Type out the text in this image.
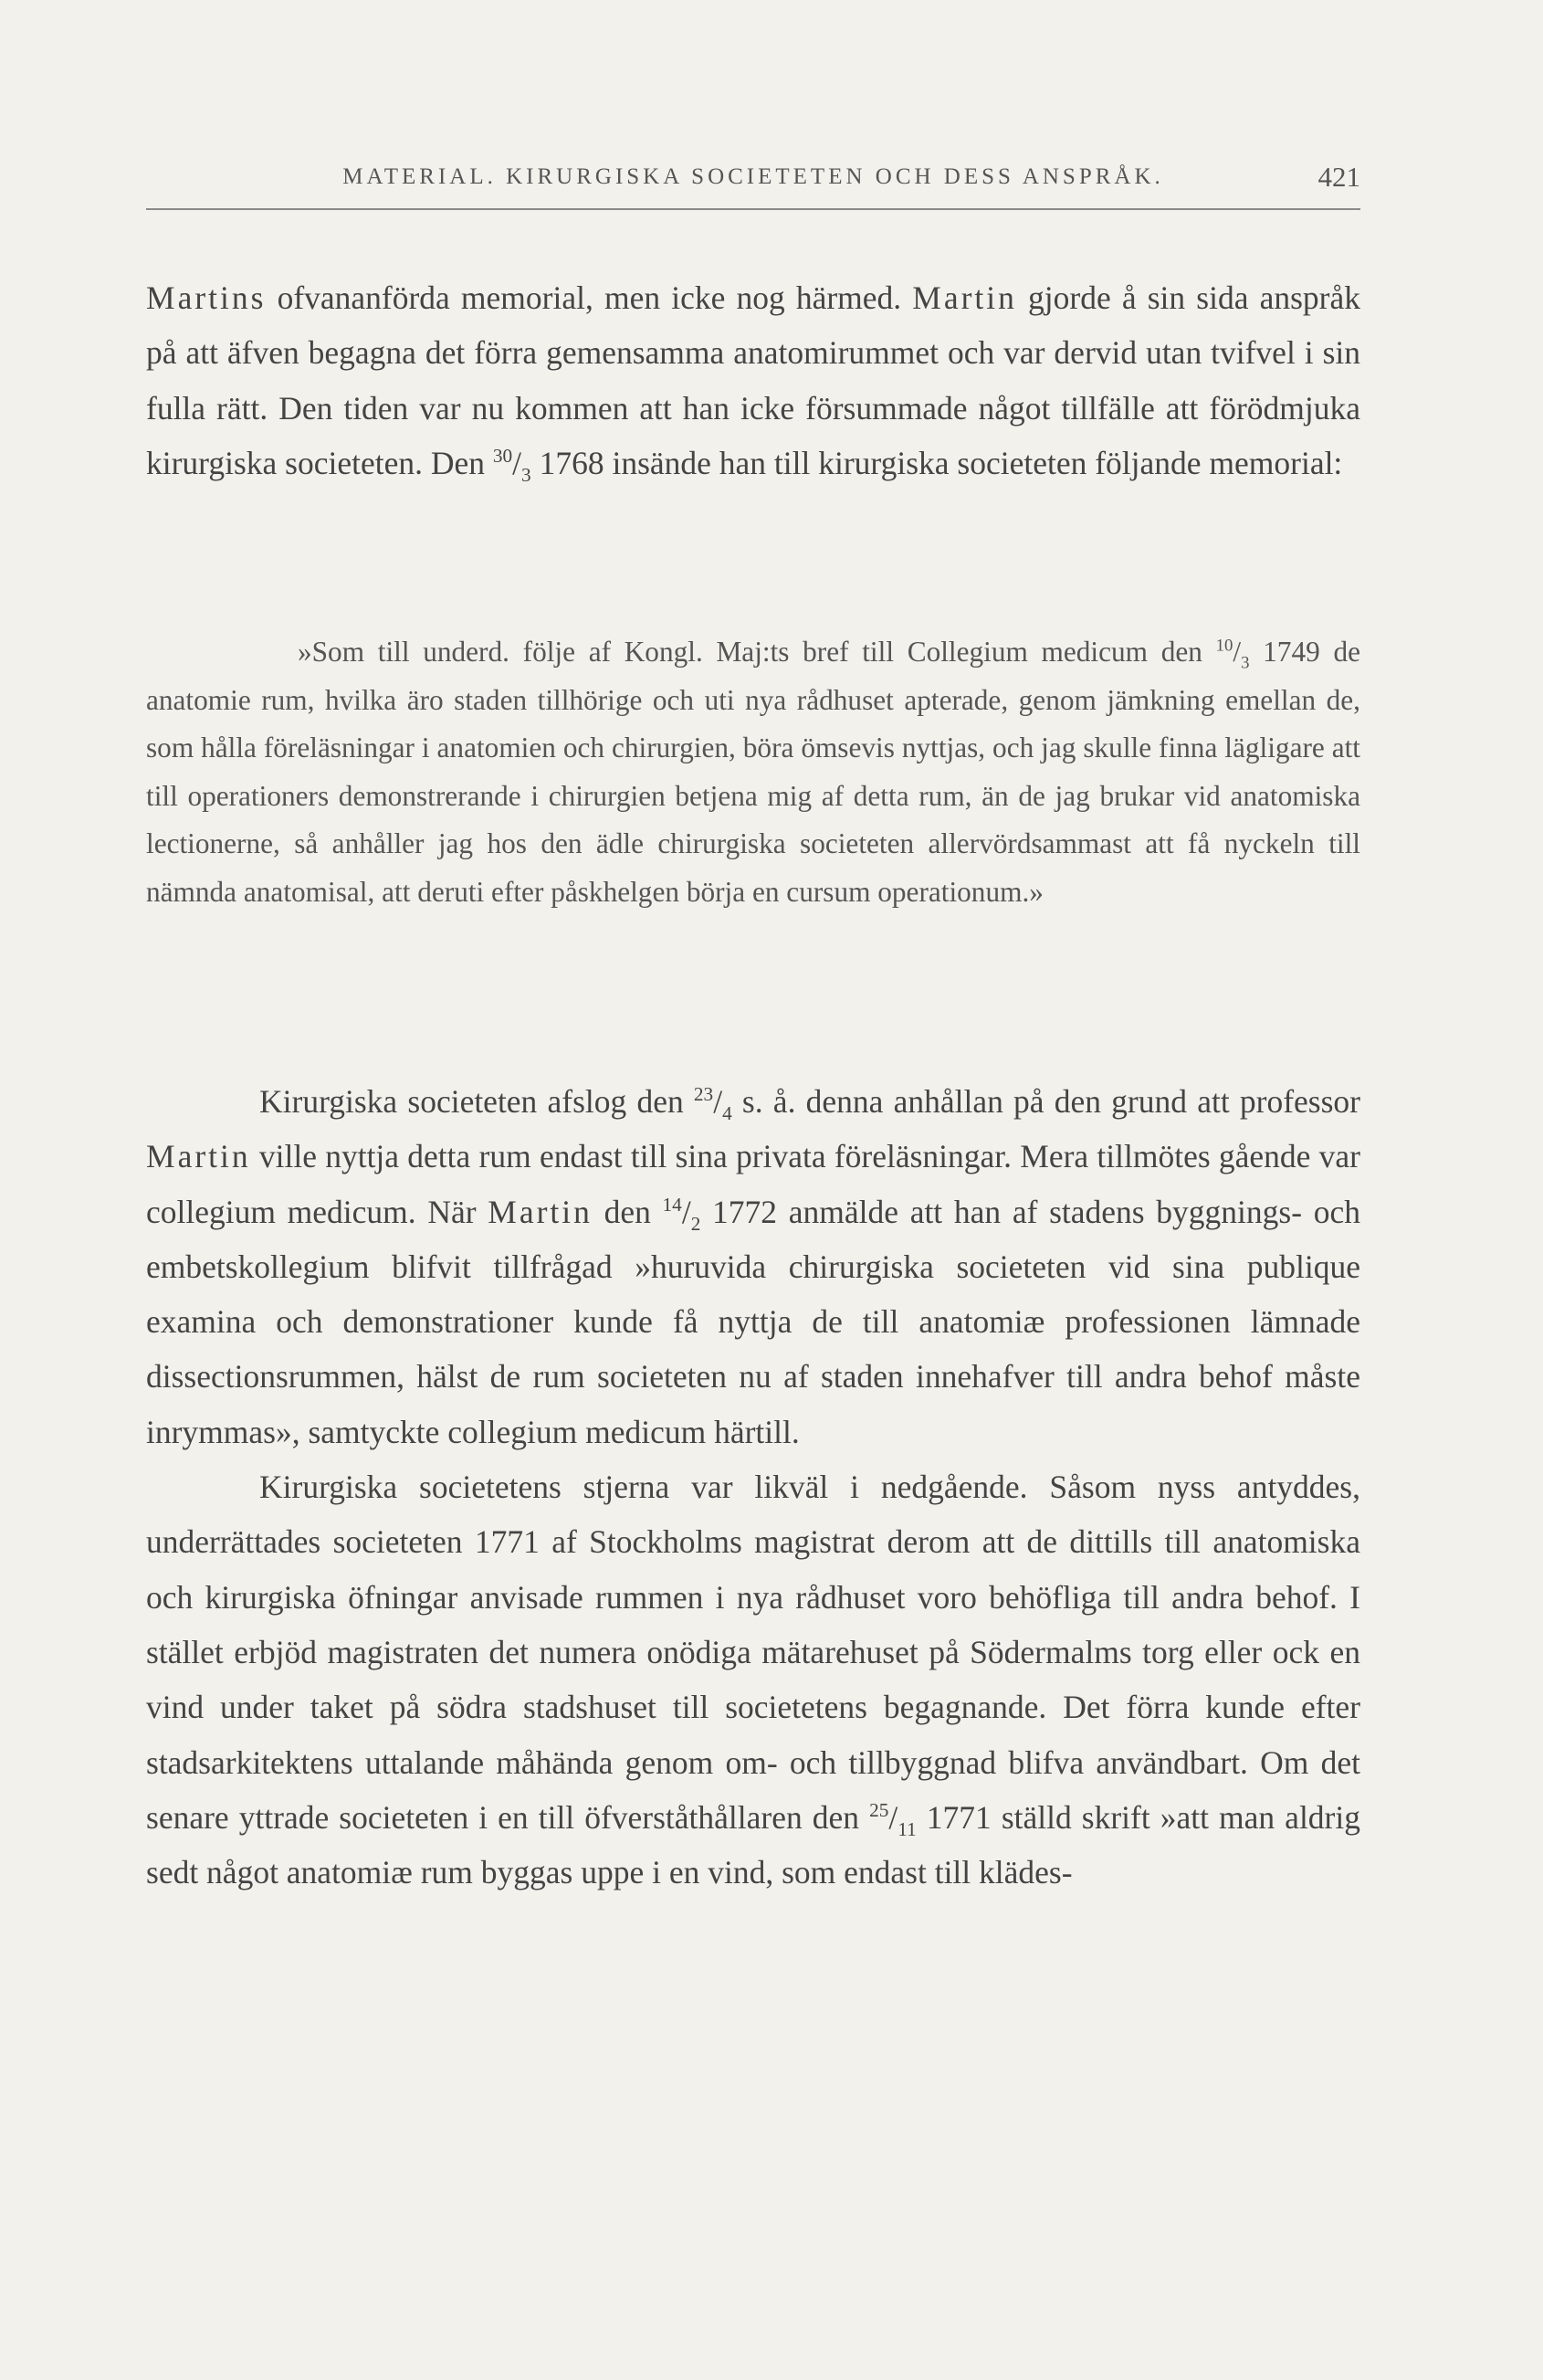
MATERIAL. KIRURGISKA SOCIETETEN OCH DESS ANSPRÅK.	421

Martins ofvananförda memorial, men icke nog härmed. Martin gjorde å sin sida anspråk på att äfven begagna det förra gemensamma anatomirummet och var dervid utan tvifvel i sin fulla rätt. Den tiden var nu kommen att han icke försummade något tillfälle att förödmjuka kirurgiska societeten. Den $^{30}/_3$ 1768 insände han till kirurgiska societeten följande memorial:

»Som till underd. följe af Kongl. Maj:ts bref till Collegium medicum den $^{10}/_3$ 1749 de anatomie rum, hvilka äro staden tillhörige och uti nya rådhuset apterade, genom jämkning emellan de, som hålla föreläsningar i anatomien och chirurgien, böra ömsevis nyttjas, och jag skulle finna lägligare att till operationers demonstrerande i chirurgien betjena mig af detta rum, än de jag brukar vid anatomiska lectionerne, så anhåller jag hos den ädle chirurgiska societeten allervördsammast att få nyckeln till nämnda anatomisal, att deruti efter påskhelgen börja en cursum operationum.»

Kirurgiska societeten afslog den $^{23}/_4$ s. å. denna anhållan på den grund att professor Martin ville nyttja detta rum endast till sina privata föreläsningar. Mera tillmötes gående var collegium medicum. När Martin den $^{14}/_2$ 1772 anmälde att han af stadens byggnings- och embetskollegium blifvit tillfrågad »huruvida chirurgiska societeten vid sina publique examina och demonstrationer kunde få nyttja de till anatomiæ professionen lämnade dissectionsrummen, hälst de rum societeten nu af staden innehafver till andra behof måste inrymmas», samtyckte collegium medicum härtill.

Kirurgiska societetens stjerna var likväl i nedgående. Såsom nyss antyddes, underrättades societeten 1771 af Stockholms magistrat derom att de dittills till anatomiska och kirurgiska öfningar anvisade rummen i nya rådhuset voro behöfliga till andra behof. I stället erbjöd magistraten det numera onödiga mätarehuset på Södermalms torg eller ock en vind under taket på södra stadshuset till societetens begagnande. Det förra kunde efter stadsarkitektens uttalande måhända genom om- och tillbyggnad blifva användbart. Om det senare yttrade societeten i en till öfverståthållaren den $^{25}/_{11}$ 1771 ställd skrift »att man aldrig sedt något anatomiæ rum byggas uppe i en vind, som endast till klädes-
